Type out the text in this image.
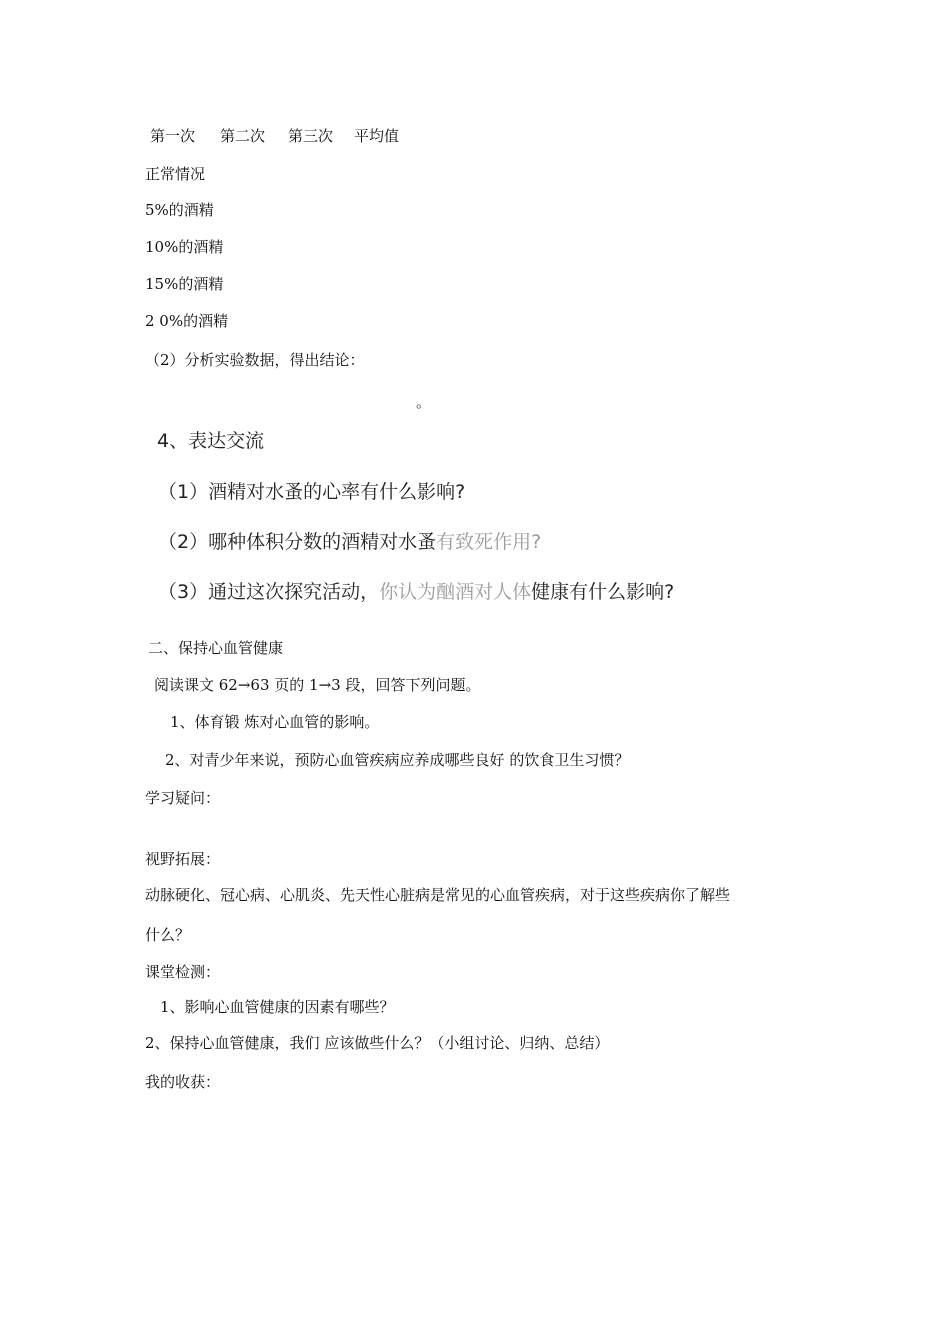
第一次 第二次 第三次 平均值
正常情况
5%的酒精
10%的酒精
15%的酒精
2 0%的酒精
（2）分析实验数据，得出结论：
。
4、表达交流
（1）酒精对水蚤的心率有什么影响?
（2）哪种体积分数的酒精对水蚤有致死作用?
（3）通过这次探究活动，你认为酗酒对人体健康有什么影响?
二、保持心血管健康
阅读课文 62→63 页的 1→3 段，回答下列问题。
1、体育锻 炼对心血管的影响。
2、对青少年来说，预防心血管疾病应养成哪些良好 的饮食卫生习惯？
学习疑问：
视野拓展：
动脉硬化、冠心病、心肌炎、先天性心脏病是常见的心血管疾病，对于这些疾病你了解些
什么？
课堂检测：
1、影响心血管健康的因素有哪些？
2、保持心血管健康，我们 应该做些什么？（小组讨论、归纳、总结）
我的收获：
